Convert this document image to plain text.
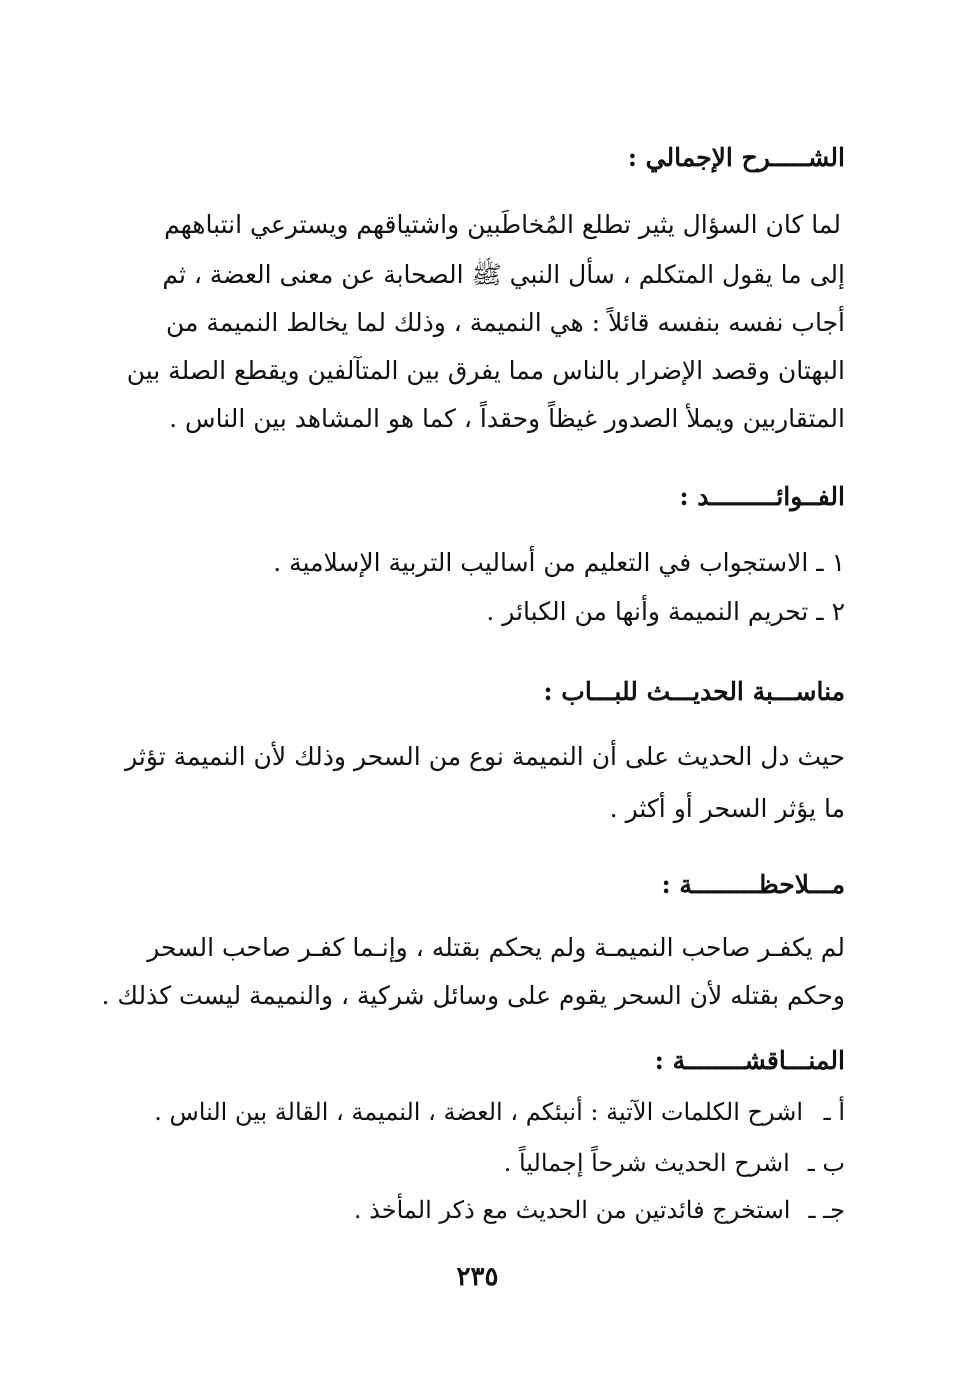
الشـــــرح الإجمالي :
لما كان السؤال يثير تطلع المُخاطَبين واشتياقهم ويسترعي انتباههم
إلى ما يقول المتكلم ، سأل النبي ﷺ الصحابة عن معنى العضة ، ثم
أجاب نفسه بنفسه قائلاً : هي النميمة ، وذلك لما يخالط النميمة من
البهتان وقصد الإضرار بالناس مما يفرق بين المتآلفين ويقطع الصلة بين
المتقاربين ويملأ الصدور غيظاً وحقداً ، كما هو المشاهد بين الناس .
الفــوائـــــــــد :
١ ـ الاستجواب في التعليم من أساليب التربية الإسلامية .
٢ ـ تحريم النميمة وأنها من الكبائر .
مناســـبة الحديـــث للبـــاب :
حيث دل الحديث على أن النميمة نوع من السحر وذلك لأن النميمة تؤثر
ما يؤثر السحر أو أكثر .
مـــلاحظـــــــــة :
لم يكفـر صاحب النميمـة ولم يحكم بقتله ، وإنـما كفـر صاحب السحر
وحكم بقتله لأن السحر يقوم على وسائل شركية ، والنميمة ليست كذلك .
المنـــاقشــــــــة :
أ ـ
اشرح الكلمات الآتية : أنبئكم ، العضة ، النميمة ، القالة بين الناس .
ب ـ
اشرح الحديث شرحاً إجمالياً .
جـ ـ
استخرج فائدتين من الحديث مع ذكر المأخذ .
٢٣٥
